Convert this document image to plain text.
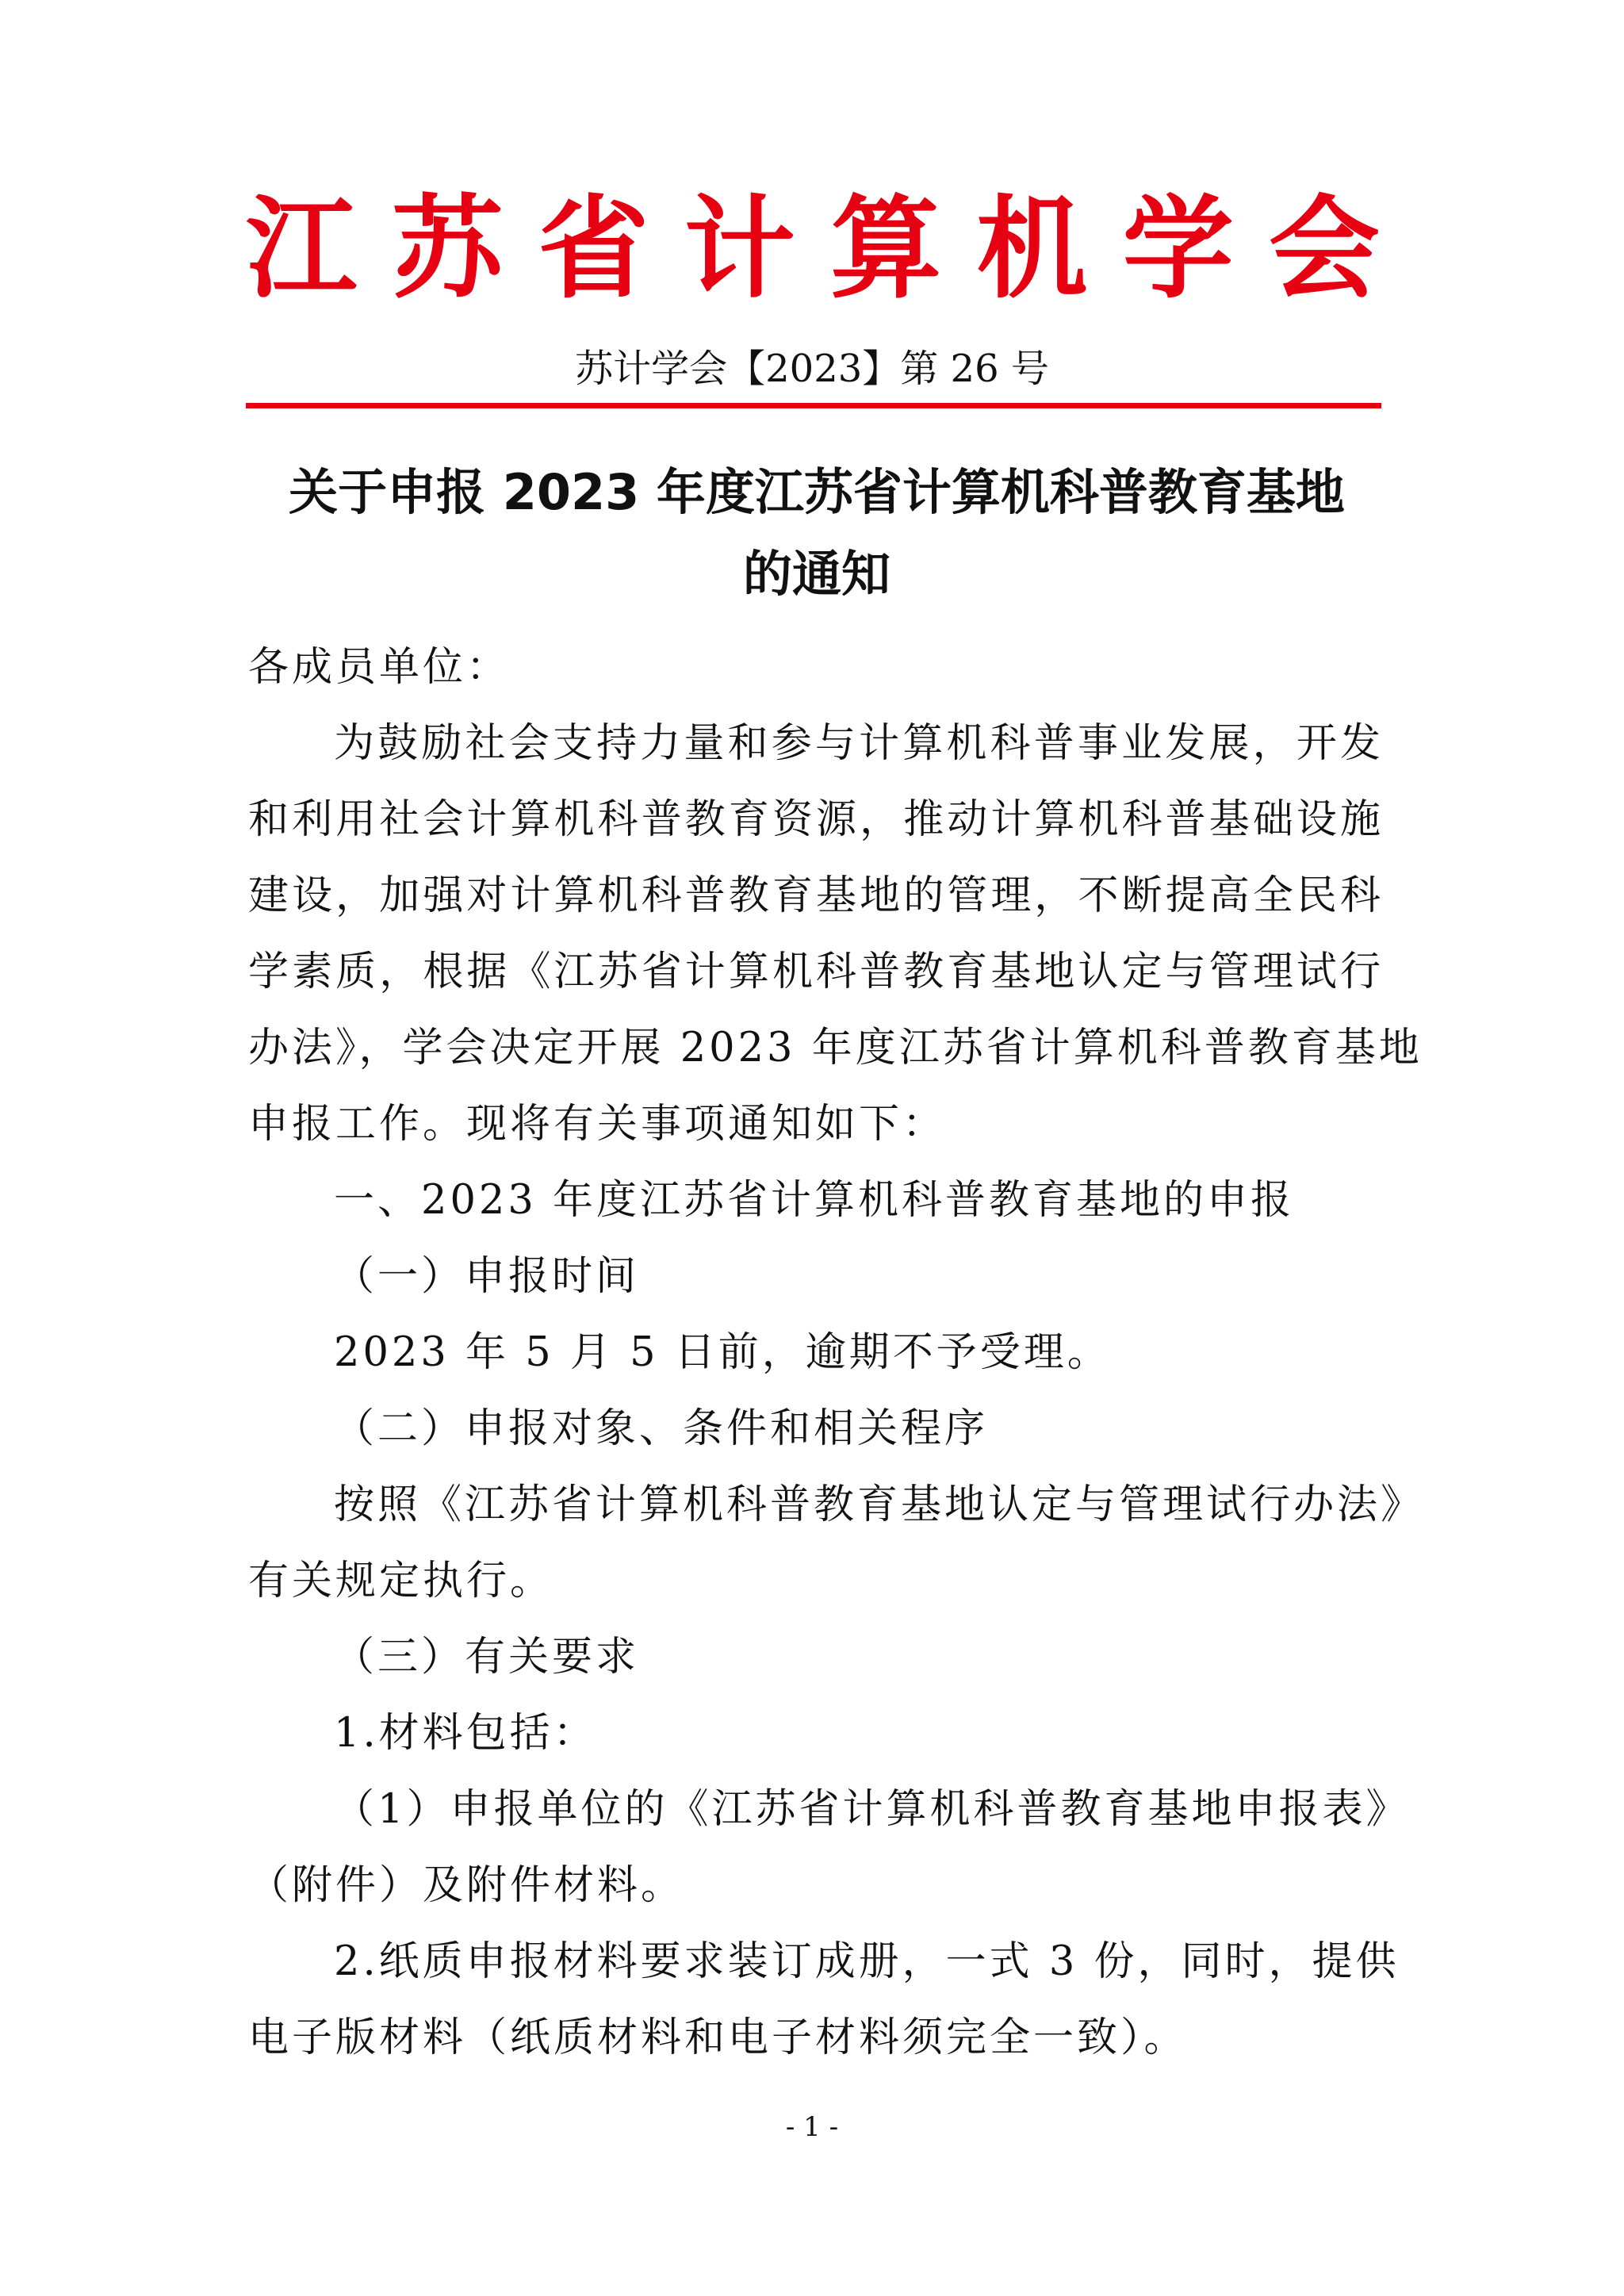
江 苏 省 计 算 机 学 会
苏计学会【2023】第 26 号
关于申报 2023 年度江苏省计算机科普教育基地
的通知
各成员单位：
为鼓励社会支持力量和参与计算机科普事业发展，开发
和利用社会计算机科普教育资源，推动计算机科普基础设施
建设，加强对计算机科普教育基地的管理，不断提高全民科
学素质，根据《江苏省计算机科普教育基地认定与管理试行
办法》，学会决定开展 2023 年度江苏省计算机科普教育基地
申报工作。现将有关事项通知如下：
一、2023 年度江苏省计算机科普教育基地的申报
（一）申报时间
2023 年 5 月 5 日前，逾期不予受理。
（二）申报对象、条件和相关程序
按照《江苏省计算机科普教育基地认定与管理试行办法》
有关规定执行。
（三）有关要求
1.材料包括：
（1）申报单位的《江苏省计算机科普教育基地申报表》
（附件）及附件材料。
2.纸质申报材料要求装订成册，一式 3 份，同时，提供
电子版材料（纸质材料和电子材料须完全一致）。
- 1 -
